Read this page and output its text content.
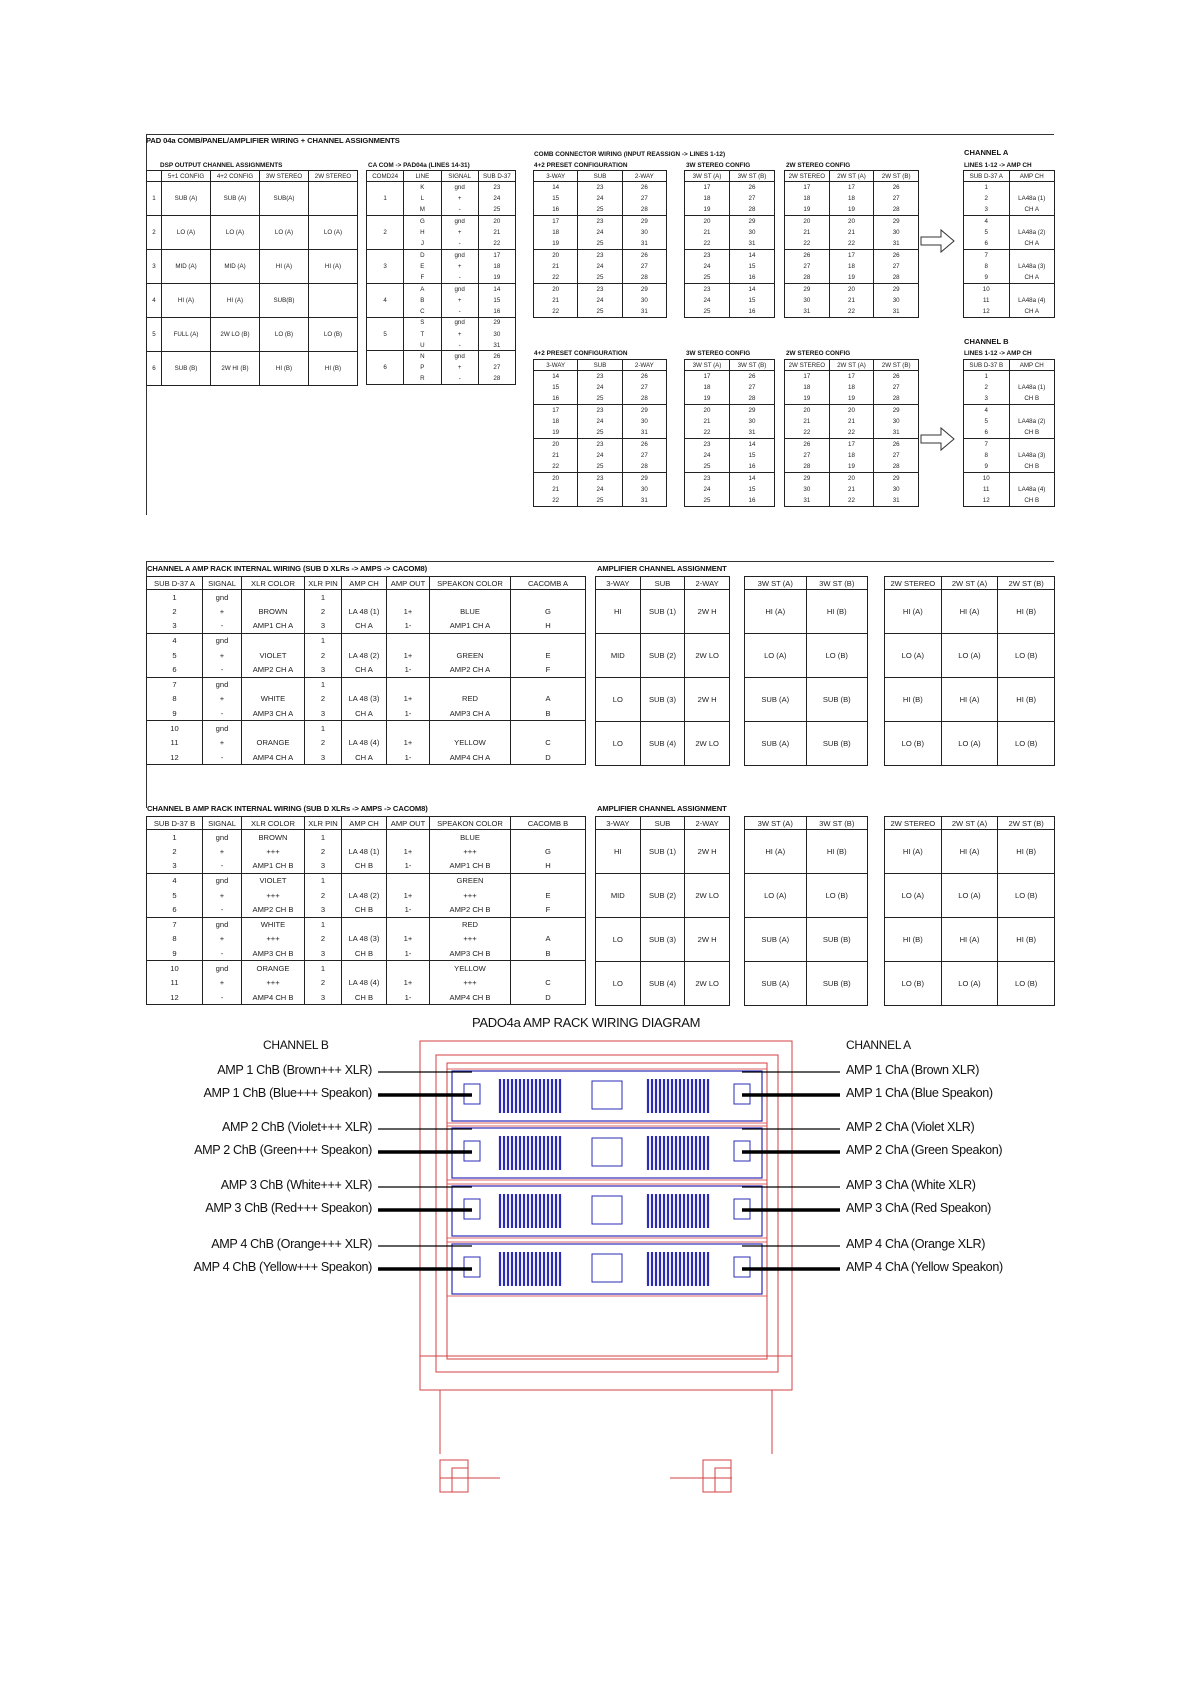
PAD 04a COMB/PANEL/AMPLIFIER WIRING + CHANNEL ASSIGNMENTS
DSP OUTPUT CHANNEL ASSIGNMENTS
	5+1 CONFIG	4+2 CONFIG	3W STEREO	2W STEREO
1	SUB (A)	SUB (A)	SUB(A)	
2	LO (A)	LO (A)	LO (A)	LO (A)
3	MID (A)	MID (A)	HI (A)	HI (A)
4	HI (A)	HI (A)	SUB(B)	
5	FULL (A)	2W LO (B)	LO (B)	LO (B)
6	SUB (B)	2W HI (B)	HI (B)	HI (B)
CA COM -> PAD04a (LINES 14-31)
COMD24	LINE	SIGNAL	SUB D-37
1	K	gnd	23
	L	+	24
	M	-	25
2	G	gnd	20
	H	+	21
	J	-	22
3	D	gnd	17
	E	+	18
	F	-	19
4	A	gnd	14
	B	+	15
	C	-	16
5	S	gnd	29
	T	+	30
	U	-	31
6	N	gnd	26
	P	+	27
	R	-	28
COMB CONNECTOR WIRING (INPUT REASSIGN -> LINES 1-12)
4+2 PRESET CONFIGURATION
3-WAY	SUB	2-WAY
14	23	26
15	24	27
16	25	28
17	23	29
18	24	30
19	25	31
20	23	26
21	24	27
22	25	28
20	23	29
21	24	30
22	25	31
3W STEREO CONFIG
3W ST (A)	3W ST (B)
17	26
18	27
19	28
20	29
21	30
22	31
23	14
24	15
25	16
23	14
24	15
25	16
2W STEREO CONFIG
2W STEREO	2W ST (A)	2W ST (B)
17	17	26
18	18	27
19	19	28
20	20	29
21	21	30
22	22	31
26	17	26
27	18	27
28	19	28
29	20	29
30	21	30
31	22	31
4+2 PRESET CONFIGURATION
3-WAY	SUB	2-WAY
14	23	26
15	24	27
16	25	28
17	23	29
18	24	30
19	25	31
20	23	26
21	24	27
22	25	28
20	23	29
21	24	30
22	25	31
3W STEREO CONFIG
3W ST (A)	3W ST (B)
17	26
18	27
19	28
20	29
21	30
22	31
23	14
24	15
25	16
23	14
24	15
25	16
2W STEREO CONFIG
2W STEREO	2W ST (A)	2W ST (B)
17	17	26
18	18	27
19	19	28
20	20	29
21	21	30
22	22	31
26	17	26
27	18	27
28	19	28
29	20	29
30	21	30
31	22	31
CHANNEL A
LINES 1-12 -> AMP CH
SUB D-37 A	AMP CH
1	
2	LA48a (1)
3	CH A
4	
5	LA48a (2)
6	CH A
7	
8	LA48a (3)
9	CH A
10	
11	LA48a (4)
12	CH A
CHANNEL B
LINES 1-12 -> AMP CH
SUB D-37 B	AMP CH
1	
2	LA48a (1)
3	CH B
4	
5	LA48a (2)
6	CH B
7	
8	LA48a (3)
9	CH B
10	
11	LA48a (4)
12	CH B
CHANNEL A AMP RACK INTERNAL WIRING (SUB D XLRs -> AMPS -> CACOM8)
SUB D-37 A	SIGNAL	XLR COLOR	XLR PIN	AMP CH	AMP OUT	SPEAKON COLOR	CACOMB A
1	gnd		1				
2	+	BROWN	2	LA 48 (1)	1+	BLUE	G
3	-	AMP1 CH A	3	CH A	1-	AMP1 CH A	H
4	gnd		1				
5	+	VIOLET	2	LA 48 (2)	1+	GREEN	E
6	-	AMP2 CH A	3	CH A	1-	AMP2 CH A	F
7	gnd		1				
8	+	WHITE	2	LA 48 (3)	1+	RED	A
9	-	AMP3 CH A	3	CH A	1-	AMP3 CH A	B
10	gnd		1				
11	+	ORANGE	2	LA 48 (4)	1+	YELLOW	C
12	-	AMP4 CH A	3	CH A	1-	AMP4 CH A	D
AMPLIFIER CHANNEL ASSIGNMENT
3-WAY	SUB	2-WAY
HI	SUB (1)	2W H
MID	SUB (2)	2W LO
LO	SUB (3)	2W H
LO	SUB (4)	2W LO
3W ST (A)	3W ST (B)
HI (A)	HI (B)
LO (A)	LO (B)
SUB (A)	SUB (B)
SUB (A)	SUB (B)
2W STEREO	2W ST (A)	2W ST (B)
HI (A)	HI (A)	HI (B)
LO (A)	LO (A)	LO (B)
HI (B)	HI (A)	HI (B)
LO (B)	LO (A)	LO (B)
CHANNEL B AMP RACK INTERNAL WIRING (SUB D XLRs -> AMPS -> CACOM8)
SUB D-37 B	SIGNAL	XLR COLOR	XLR PIN	AMP CH	AMP OUT	SPEAKON COLOR	CACOMB B
1	gnd	BROWN	1			BLUE	
2	+	+++	2	LA 48 (1)	1+	+++	G
3	-	AMP1 CH B	3	CH B	1-	AMP1 CH B	H
4	gnd	VIOLET	1			GREEN	
5	+	+++	2	LA 48 (2)	1+	+++	E
6	-	AMP2 CH B	3	CH B	1-	AMP2 CH B	F
7	gnd	WHITE	1			RED	
8	+	+++	2	LA 48 (3)	1+	+++	A
9	-	AMP3 CH B	3	CH B	1-	AMP3 CH B	B
10	gnd	ORANGE	1			YELLOW	
11	+	+++	2	LA 48 (4)	1+	+++	C
12	-	AMP4 CH B	3	CH B	1-	AMP4 CH B	D
AMPLIFIER CHANNEL ASSIGNMENT
3-WAY	SUB	2-WAY
HI	SUB (1)	2W H
MID	SUB (2)	2W LO
LO	SUB (3)	2W H
LO	SUB (4)	2W LO
3W ST (A)	3W ST (B)
HI (A)	HI (B)
LO (A)	LO (B)
SUB (A)	SUB (B)
SUB (A)	SUB (B)
2W STEREO	2W ST (A)	2W ST (B)
HI (A)	HI (A)	HI (B)
LO (A)	LO (A)	LO (B)
HI (B)	HI (A)	HI (B)
LO (B)	LO (A)	LO (B)
PADO4a AMP RACK WIRING DIAGRAM
CHANNEL B	CHANNEL A
AMP 1 ChB (Brown+++ XLR)
AMP 1 ChB (Blue+++ Speakon)
AMP 2 ChB (Violet+++ XLR)
AMP 2 ChB (Green+++ Speakon)
AMP 3 ChB (White+++ XLR)
AMP 3 ChB (Red+++ Speakon)
AMP 4 ChB (Orange+++ XLR)
AMP 4 ChB (Yellow+++ Speakon)
AMP 1 ChA (Brown XLR)
AMP 1 ChA (Blue Speakon)
AMP 2 ChA (Violet XLR)
AMP 2 ChA (Green Speakon)
AMP 3 ChA (White XLR)
AMP 3 ChA (Red Speakon)
AMP 4 ChA (Orange XLR)
AMP 4 ChA (Yellow Speakon)
